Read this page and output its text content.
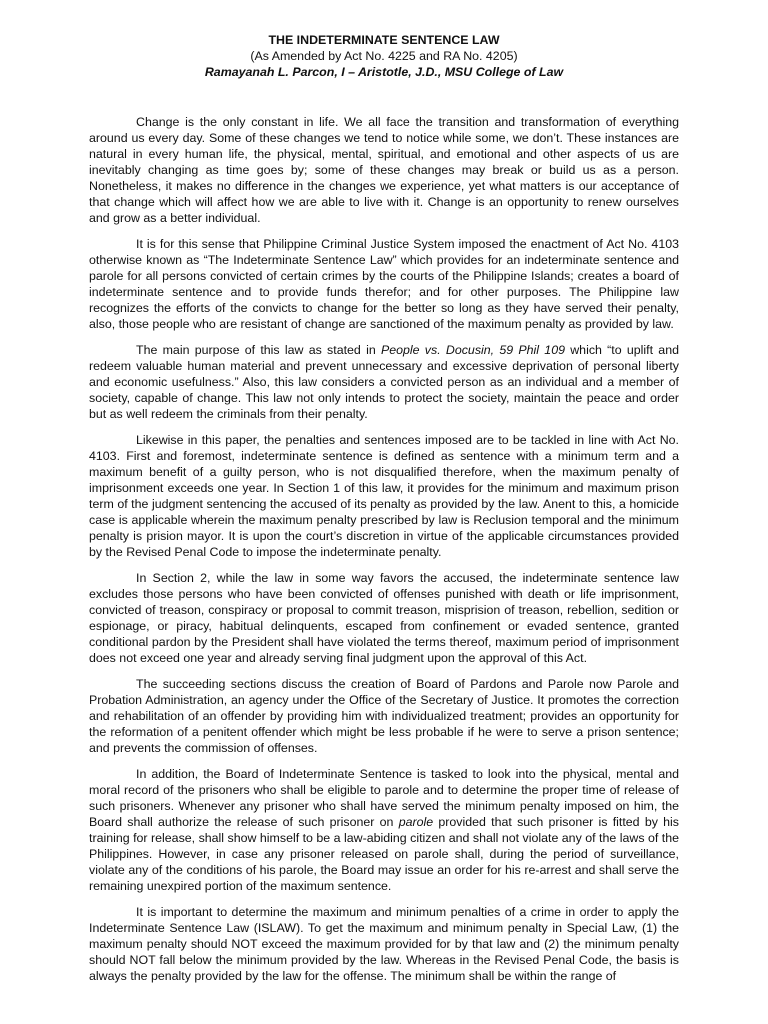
THE INDETERMINATE SENTENCE LAW
(As Amended by Act No. 4225 and RA No. 4205)
Ramayanah L. Parcon, I – Aristotle, J.D., MSU College of Law

Change is the only constant in life. We all face the transition and transformation of everything around us every day. Some of these changes we tend to notice while some, we don’t. These instances are natural in every human life, the physical, mental, spiritual, and emotional and other aspects of us are inevitably changing as time goes by; some of these changes may break or build us as a person. Nonetheless, it makes no difference in the changes we experience, yet what matters is our acceptance of that change which will affect how we are able to live with it. Change is an opportunity to renew ourselves and grow as a better individual.

It is for this sense that Philippine Criminal Justice System imposed the enactment of Act No. 4103 otherwise known as “The Indeterminate Sentence Law” which provides for an indeterminate sentence and parole for all persons convicted of certain crimes by the courts of the Philippine Islands; creates a board of indeterminate sentence and to provide funds therefor; and for other purposes. The Philippine law recognizes the efforts of the convicts to change for the better so long as they have served their penalty, also, those people who are resistant of change are sanctioned of the maximum penalty as provided by law.

The main purpose of this law as stated in People vs. Docusin, 59 Phil 109 which “to uplift and redeem valuable human material and prevent unnecessary and excessive deprivation of personal liberty and economic usefulness.” Also, this law considers a convicted person as an individual and a member of society, capable of change. This law not only intends to protect the society, maintain the peace and order but as well redeem the criminals from their penalty.

Likewise in this paper, the penalties and sentences imposed are to be tackled in line with Act No. 4103. First and foremost, indeterminate sentence is defined as sentence with a minimum term and a maximum benefit of a guilty person, who is not disqualified therefore, when the maximum penalty of imprisonment exceeds one year. In Section 1 of this law, it provides for the minimum and maximum prison term of the judgment sentencing the accused of its penalty as provided by the law. Anent to this, a homicide case is applicable wherein the maximum penalty prescribed by law is Reclusion temporal and the minimum penalty is prision mayor. It is upon the court’s discretion in virtue of the applicable circumstances provided by the Revised Penal Code to impose the indeterminate penalty.

In Section 2, while the law in some way favors the accused, the indeterminate sentence law excludes those persons who have been convicted of offenses punished with death or life imprisonment, convicted of treason, conspiracy or proposal to commit treason, misprision of treason, rebellion, sedition or espionage, or piracy, habitual delinquents, escaped from confinement or evaded sentence, granted conditional pardon by the President shall have violated the terms thereof, maximum period of imprisonment does not exceed one year and already serving final judgment upon the approval of this Act.

The succeeding sections discuss the creation of Board of Pardons and Parole now Parole and Probation Administration, an agency under the Office of the Secretary of Justice. It promotes the correction and rehabilitation of an offender by providing him with individualized treatment; provides an opportunity for the reformation of a penitent offender which might be less probable if he were to serve a prison sentence; and prevents the commission of offenses.

In addition, the Board of Indeterminate Sentence is tasked to look into the physical, mental and moral record of the prisoners who shall be eligible to parole and to determine the proper time of release of such prisoners. Whenever any prisoner who shall have served the minimum penalty imposed on him, the Board shall authorize the release of such prisoner on parole provided that such prisoner is fitted by his training for release, shall show himself to be a law-abiding citizen and shall not violate any of the laws of the Philippines. However, in case any prisoner released on parole shall, during the period of surveillance, violate any of the conditions of his parole, the Board may issue an order for his re-arrest and shall serve the remaining unexpired portion of the maximum sentence.

It is important to determine the maximum and minimum penalties of a crime in order to apply the Indeterminate Sentence Law (ISLAW). To get the maximum and minimum penalty in Special Law, (1) the maximum penalty should NOT exceed the maximum provided for by that law and (2) the minimum penalty should NOT fall below the minimum provided by the law. Whereas in the Revised Penal Code, the basis is always the penalty provided by the law for the offense. The minimum shall be within the range of
